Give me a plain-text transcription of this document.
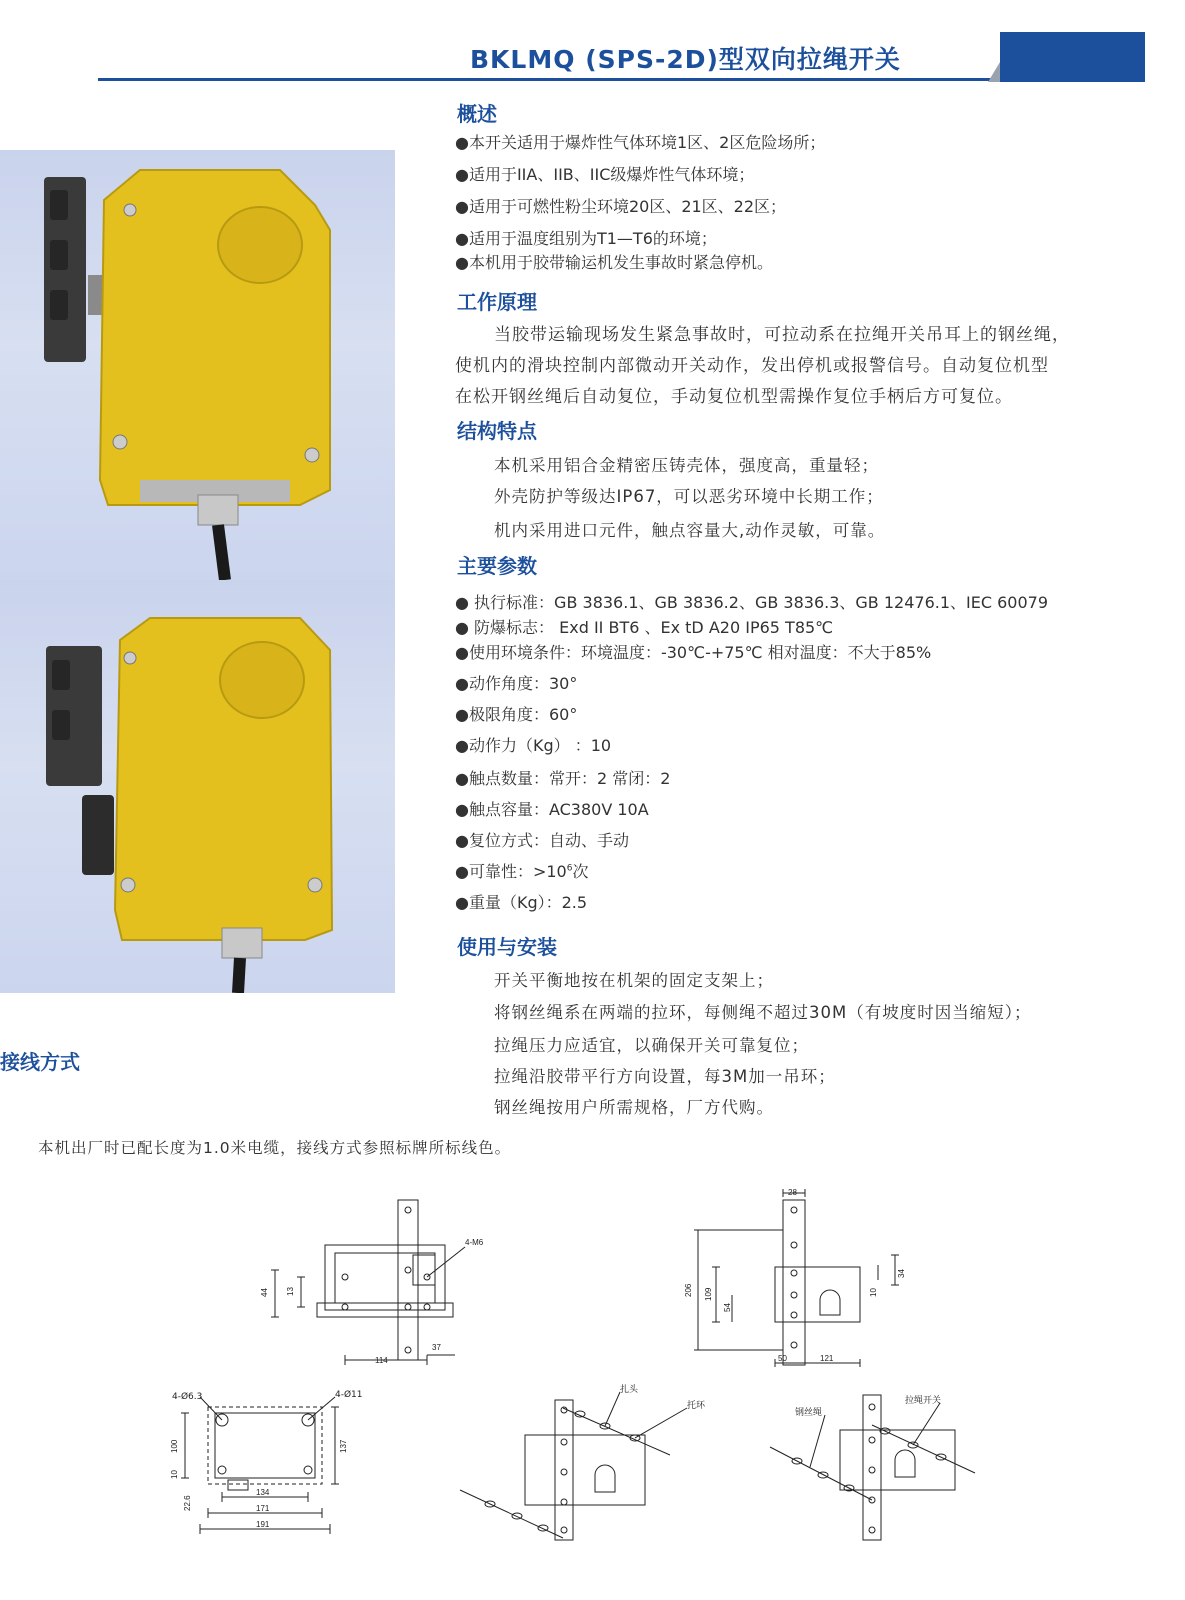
BKLMQ (SPS-2D)型双向拉绳开关
概述
●本开关适用于爆炸性气体环境1区、2区危险场所；
●适用于IIA、IIB、IIC级爆炸性气体环境；
●适用于可燃性粉尘环境20区、21区、22区；
●适用于温度组别为T1—T6的环境；
●本机用于胶带输运机发生事故时紧急停机。
工作原理
当胶带运输现场发生紧急事故时，可拉动系在拉绳开关吊耳上的钢丝绳，
使机内的滑块控制内部微动开关动作，发出停机或报警信号。自动复位机型
在松开钢丝绳后自动复位，手动复位机型需操作复位手柄后方可复位。
结构特点
本机采用铝合金精密压铸壳体，强度高，重量轻；
外壳防护等级达IP67，可以恶劣环境中长期工作；
机内采用进口元件，触点容量大,动作灵敏，可靠。
主要参数
● 执行标准：GB 3836.1、GB 3836.2、GB 3836.3、GB 12476.1、IEC 60079
● 防爆标志： Exd II BT6 、Ex tD A20 IP65 T85℃
●使用环境条件：环境温度：-30℃-+75℃ 相对温度：不大于85%
●动作角度：30°
●极限角度：60°
●动作力（Kg） ：10
●触点数量：常开：2 常闭：2
●触点容量：AC380V 10A
●复位方式：自动、手动
●可靠性：$>10^6$次
●重量（Kg）：2.5
使用与安装
开关平衡地按在机架的固定支架上；
将钢丝绳系在两端的拉环，每侧绳不超过30M（有坡度时因当缩短）；
拉绳压力应适宜，以确保开关可靠复位；
拉绳沿胶带平行方向设置，每3M加一吊环；
钢丝绳按用户所需规格，厂方代购。
接线方式
本机出厂时已配长度为1.0米电缆，接线方式参照标牌所标线色。
44 13
114
37
4-M6
28
206 109
54
34
10
50	121
4-Ø6.3	4-Ø11
100
10
22.6
137
134
171
191
扎头
托环
钢丝绳
拉绳开关
